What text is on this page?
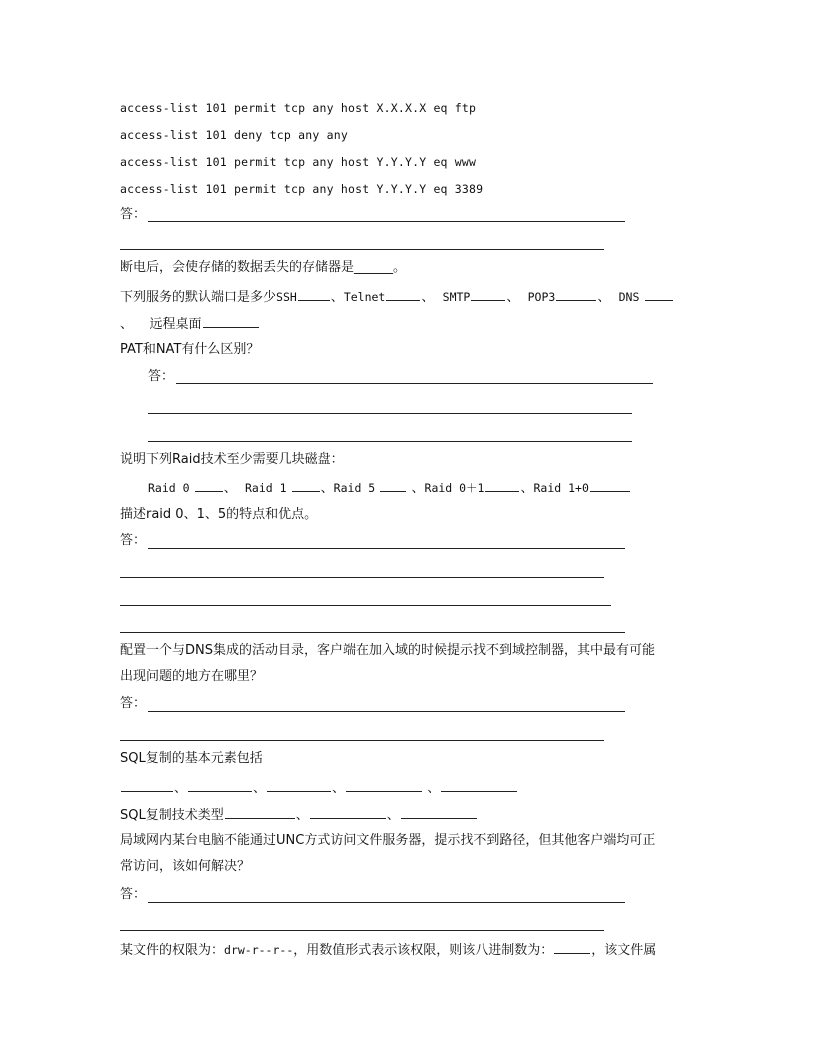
access-list 101 permit tcp any host X.X.X.X eq ftp
access-list 101 deny tcp any any
access-list 101 permit tcp any host Y.Y.Y.Y eq www
access-list 101 permit tcp any host Y.Y.Y.Y eq 3389
答：
断电后，会使存储的数据丢失的存储器是______。
下列服务的默认端口是多少SSH	、Telnet	、 SMTP	、 POP3	、 DNS
、 远程桌面
PAT和NAT有什么区别？
答：
说明下列Raid技术至少需要几块磁盘：
Raid 0	、 Raid 1	、Raid 5	、Raid 0＋1	、Raid 1+0
描述raid 0、1、5的特点和优点。
答：
配置一个与DNS集成的活动目录，客户端在加入域的时候提示找不到域控制器，其中最有可能
出现问题的地方在哪里？
答：
SQL复制的基本元素包括
、	、	、	、
SQL复制技术类型	、	、
局域网内某台电脑不能通过UNC方式访问文件服务器，提示找不到路径，但其他客户端均可正
常访问，该如何解决？
答：
某文件的权限为：drw-r--r--，用数值形式表示该权限，则该八进制数为：	，该文件属
